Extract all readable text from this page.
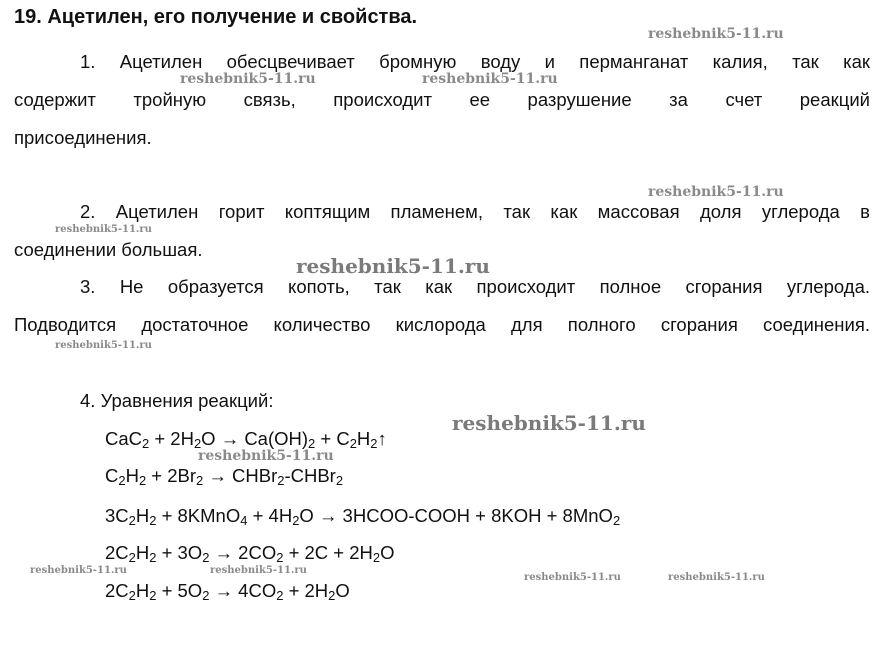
19. Ацетилен, его получение и свойства.
1. Ацетилен обесцвечивает бромную воду и перманганат калия, так как
содержит тройную связь, происходит ее разрушение за счет реакций
присоединения.
2. Ацетилен горит коптящим пламенем, так как массовая доля углерода в
соединении большая.
3. Не образуется копоть, так как происходит полное сгорания углерода.
Подводится достаточное количество кислорода для полного сгорания соединения.
4. Уравнения реакций:
$CaC_2 + 2H_2O \to Ca(OH)_2$ + $C_2H_2↑$
$C_2H_2 + 2Br_2$ → CHBr$_2$-CHBr$_2$
$3C_2H_2$ + 8KMnO$_4$ + $4H_2O$ → 3HCOO-COOH + 8KOH + 8MnO$_2$
$2C_2H_2 + 3O_2 \to 2CO_2 + 2C + 2H_2O$
$2C_2H_2 + 5O_2 \to 4CO_2 + 2H_2O$
reshebnik5-11.ru
reshebnik5-11.ru	reshebnik5-11.ru
reshebnik5-11.ru
reshebnik5-11.ru
reshebnik5-11.ru
reshebnik5-11.ru
reshebnik5-11.ru
reshebnik5-11.ru
reshebnik5-11.ru	reshebnik5-11.ru
reshebnik5-11.ru	reshebnik5-11.ru
